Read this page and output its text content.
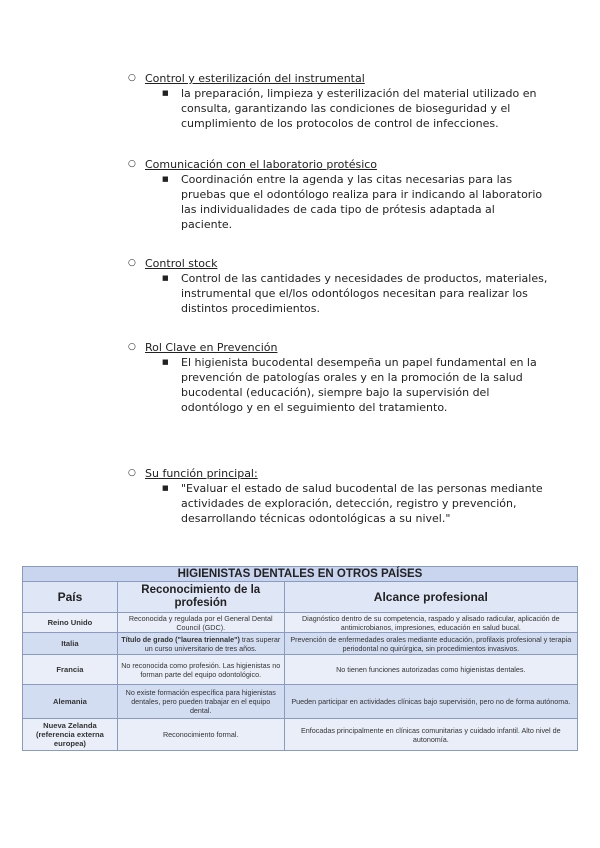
○ Control y esterilización del instrumental
■	la preparación, limpieza y esterilización del material utilizado en consulta, garantizando las condiciones de bioseguridad y el cumplimiento de los protocolos de control de infecciones.
○ Comunicación con el laboratorio protésico
■	Coordinación entre la agenda y las citas necesarias para las pruebas que el odontólogo realiza para ir indicando al laboratorio las individualidades de cada tipo de prótesis adaptada al paciente.
○ Control stock
■	Control de las cantidades y necesidades de productos, materiales, instrumental que el/los odontólogos necesitan para realizar los distintos procedimientos.
○ Rol Clave en Prevención
■	El higienista bucodental desempeña un papel fundamental en la prevención de patologías orales y en la promoción de la salud bucodental (educación), siempre bajo la supervisión del odontólogo y en el seguimiento del tratamiento.
○ Su función principal:
■	"Evaluar el estado de salud bucodental de las personas mediante actividades de exploración, detección, registro y prevención, desarrollando técnicas odontológicas a su nivel."
HIGIENISTAS DENTALES EN OTROS PAÍSES		
País	Reconocimiento de la profesión	Alcance profesional
Reino Unido	Reconocida y regulada por el General Dental Council (GDC).	Diagnóstico dentro de su competencia, raspado y alisado radicular, aplicación de antimicrobianos, impresiones, educación en salud bucal.
Italia	Título de grado ("laurea triennale") tras superar un curso universitario de tres años.	Prevención de enfermedades orales mediante educación, profilaxis profesional y terapia periodontal no quirúrgica, sin procedimientos invasivos.
Francia	No reconocida como profesión. Las higienistas no forman parte del equipo odontológico.	No tienen funciones autorizadas como higienistas dentales.
Alemania	No existe formación específica para higienistas dentales, pero pueden trabajar en el equipo dental.	Pueden participar en actividades clínicas bajo supervisión, pero no de forma autónoma.
Nueva Zelanda (referencia externa europea)	Reconocimiento formal.	Enfocadas principalmente en clínicas comunitarias y cuidado infantil. Alto nivel de autonomía.
